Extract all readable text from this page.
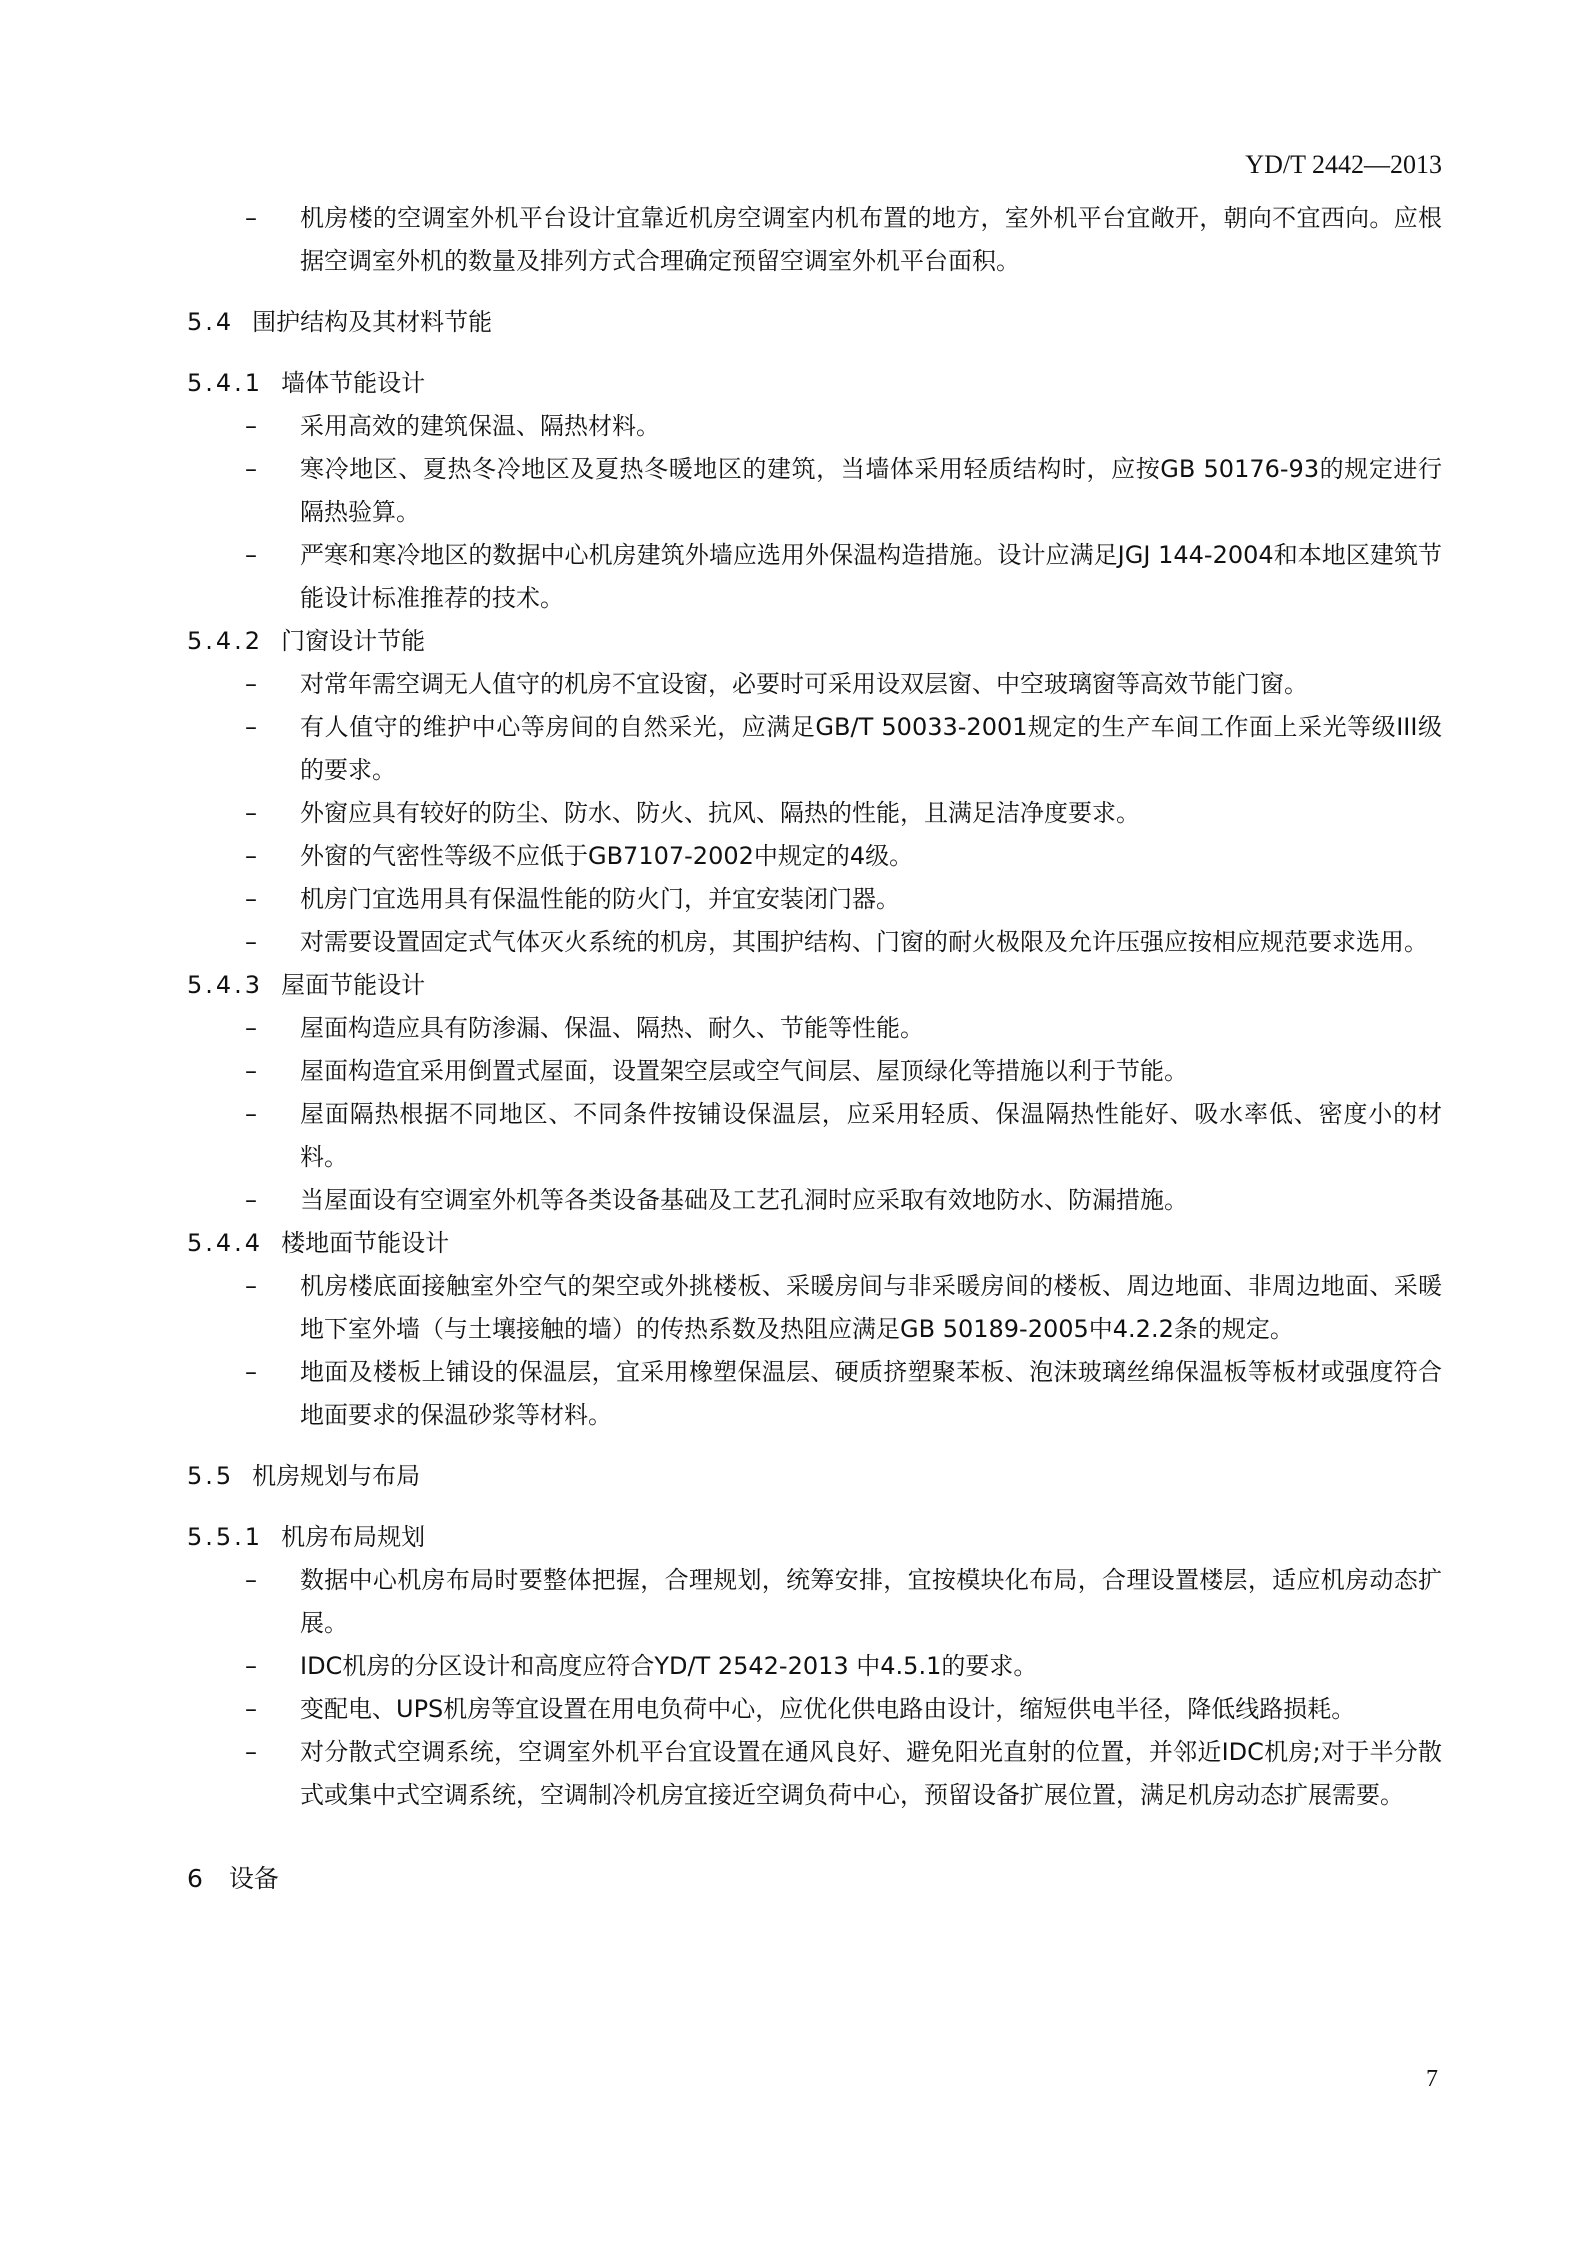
YD/T 2442—2013
– 机房楼的空调室外机平台设计宜靠近机房空调室内机布置的地方，室外机平台宜敞开，朝向不宜西向。应根据空调室外机的数量及排列方式合理确定预留空调室外机平台面积。
5.4 围护结构及其材料节能
5.4.1 墙体节能设计
– 采用高效的建筑保温、隔热材料。
– 寒冷地区、夏热冬冷地区及夏热冬暖地区的建筑，当墙体采用轻质结构时，应按GB 50176-93的规定进行隔热验算。
– 严寒和寒冷地区的数据中心机房建筑外墙应选用外保温构造措施。设计应满足JGJ 144-2004和本地区建筑节能设计标准推荐的技术。
5.4.2 门窗设计节能
– 对常年需空调无人值守的机房不宜设窗，必要时可采用设双层窗、中空玻璃窗等高效节能门窗。
– 有人值守的维护中心等房间的自然采光，应满足GB/T 50033-2001规定的生产车间工作面上采光等级III级的要求。
– 外窗应具有较好的防尘、防水、防火、抗风、隔热的性能，且满足洁净度要求。
– 外窗的气密性等级不应低于GB7107-2002中规定的4级。
– 机房门宜选用具有保温性能的防火门，并宜安装闭门器。
– 对需要设置固定式气体灭火系统的机房，其围护结构、门窗的耐火极限及允许压强应按相应规范要求选用。
5.4.3 屋面节能设计
– 屋面构造应具有防渗漏、保温、隔热、耐久、节能等性能。
– 屋面构造宜采用倒置式屋面，设置架空层或空气间层、屋顶绿化等措施以利于节能。
– 屋面隔热根据不同地区、不同条件按铺设保温层，应采用轻质、保温隔热性能好、吸水率低、密度小的材料。
– 当屋面设有空调室外机等各类设备基础及工艺孔洞时应采取有效地防水、防漏措施。
5.4.4 楼地面节能设计
– 机房楼底面接触室外空气的架空或外挑楼板、采暖房间与非采暖房间的楼板、周边地面、非周边地面、采暖地下室外墙（与土壤接触的墙）的传热系数及热阻应满足GB 50189-2005中4.2.2条的规定。
– 地面及楼板上铺设的保温层，宜采用橡塑保温层、硬质挤塑聚苯板、泡沫玻璃丝绵保温板等板材或强度符合地面要求的保温砂浆等材料。
5.5 机房规划与布局
5.5.1 机房布局规划
– 数据中心机房布局时要整体把握，合理规划，统筹安排，宜按模块化布局，合理设置楼层，适应机房动态扩展。
– IDC机房的分区设计和高度应符合YD/T 2542-2013 中4.5.1的要求。
– 变配电、UPS机房等宜设置在用电负荷中心，应优化供电路由设计，缩短供电半径，降低线路损耗。
– 对分散式空调系统，空调室外机平台宜设置在通风良好、避免阳光直射的位置，并邻近IDC机房;对于半分散式或集中式空调系统，空调制冷机房宜接近空调负荷中心，预留设备扩展位置，满足机房动态扩展需要。
6 设备
7
